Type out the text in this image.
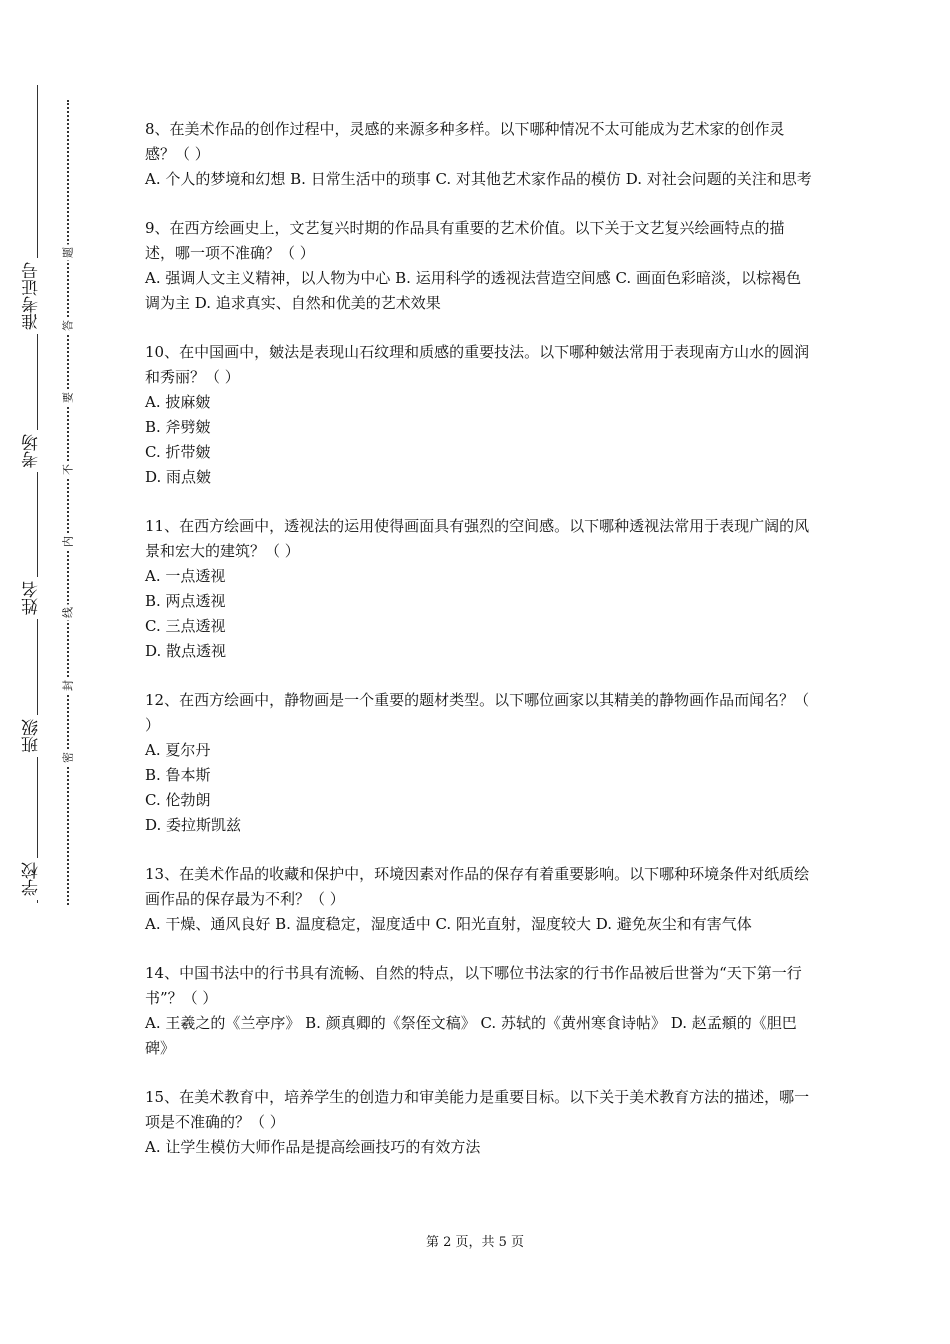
准考证号
考场
姓名
班级
学校
题
答
要
不
内
线
封
密
8、在美术作品的创作过程中，灵感的来源多种多样。以下哪种情况不太可能成为艺术家的创作灵感？（ ）
A. 个人的梦境和幻想 B. 日常生活中的琐事 C. 对其他艺术家作品的模仿 D. 对社会问题的关注和思考
9、在西方绘画史上，文艺复兴时期的作品具有重要的艺术价值。以下关于文艺复兴绘画特点的描述，哪一项不准确？（ ）
A. 强调人文主义精神，以人物为中心 B. 运用科学的透视法营造空间感 C. 画面色彩暗淡，以棕褐色调为主 D. 追求真实、自然和优美的艺术效果
10、在中国画中，皴法是表现山石纹理和质感的重要技法。以下哪种皴法常用于表现南方山水的圆润和秀丽？（ ）
A. 披麻皴
B. 斧劈皴
C. 折带皴
D. 雨点皴
11、在西方绘画中，透视法的运用使得画面具有强烈的空间感。以下哪种透视法常用于表现广阔的风景和宏大的建筑？（ ）
A. 一点透视
B. 两点透视
C. 三点透视
D. 散点透视
12、在西方绘画中，静物画是一个重要的题材类型。以下哪位画家以其精美的静物画作品而闻名？（ ）
A. 夏尔丹
B. 鲁本斯
C. 伦勃朗
D. 委拉斯凯兹
13、在美术作品的收藏和保护中，环境因素对作品的保存有着重要影响。以下哪种环境条件对纸质绘画作品的保存最为不利？（ ）
A. 干燥、通风良好 B. 温度稳定，湿度适中 C. 阳光直射，湿度较大 D. 避免灰尘和有害气体
14、中国书法中的行书具有流畅、自然的特点，以下哪位书法家的行书作品被后世誉为“天下第一行书”？（ ）
A. 王羲之的《兰亭序》 B. 颜真卿的《祭侄文稿》 C. 苏轼的《黄州寒食诗帖》 D. 赵孟頫的《胆巴碑》
15、在美术教育中，培养学生的创造力和审美能力是重要目标。以下关于美术教育方法的描述，哪一项是不准确的？（ ）
A. 让学生模仿大师作品是提高绘画技巧的有效方法
第 2 页，共 5 页
